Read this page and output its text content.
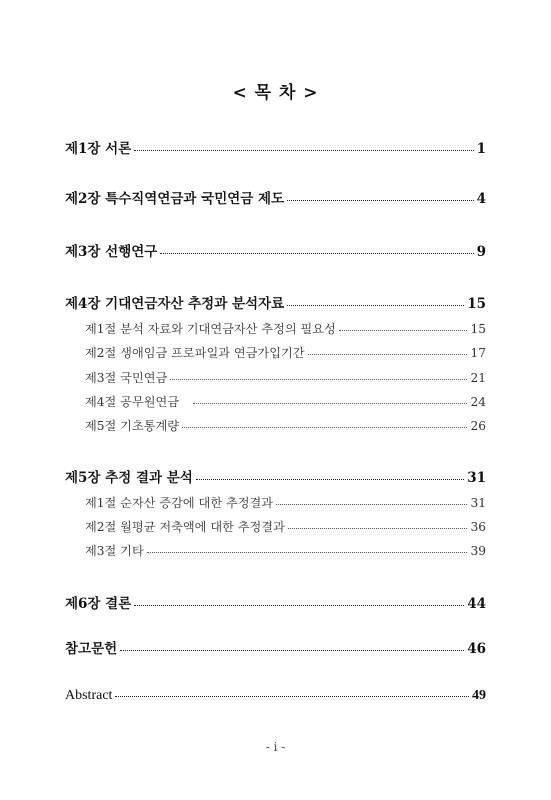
< 목 차 >
제1장 서론	1
제2장 특수직역연금과 국민연금 제도	4
제3장 선행연구	9
제4장 기대연금자산 추정과 분석자료	15
제1절 분석 자료와 기대연금자산 추정의 필요성	15
제2절 생애임금 프로파일과 연금가입기간	17
제3절 국민연금	21
제4절 공무원연금	24
제5절 기초통계량	26
제5장 추정 결과 분석	31
제1절 순자산 증감에 대한 추정결과	31
제2절 월평균 저축액에 대한 추정결과	36
제3절 기타	39
제6장 결론	44
참고문헌	46
Abstract	49
- i -
